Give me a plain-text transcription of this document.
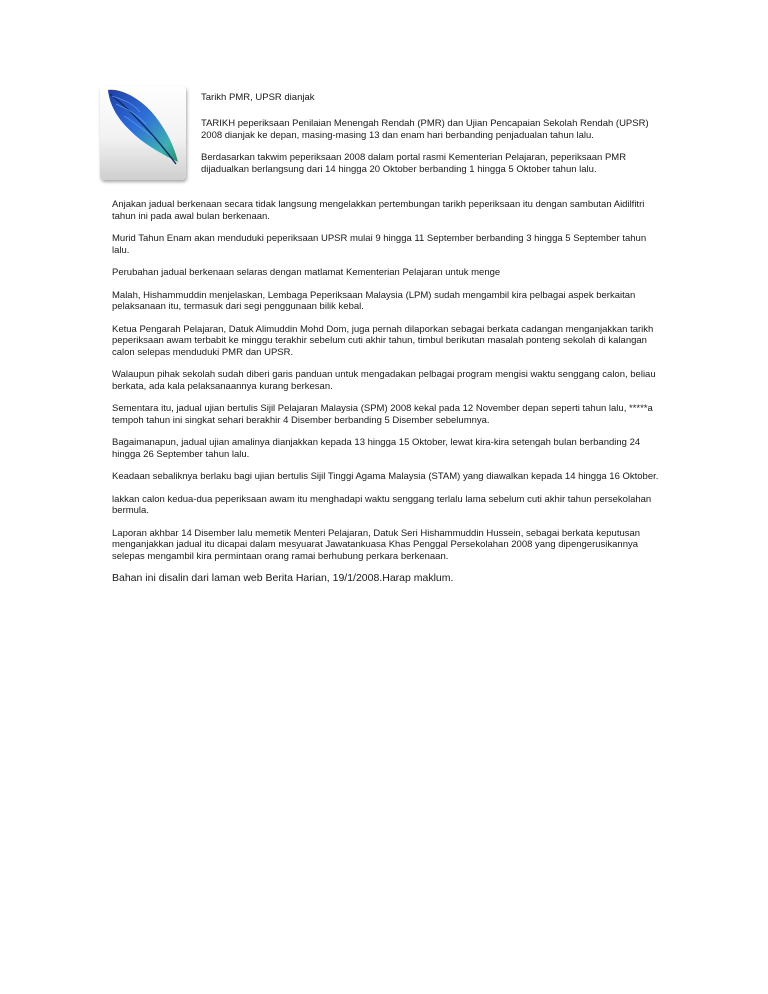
Tarikh PMR, UPSR dianjak

TARIKH peperiksaan Penilaian Menengah Rendah (PMR) dan Ujian Pencapaian Sekolah Rendah (UPSR) 2008 dianjak ke depan, masing-masing 13 dan enam hari berbanding penjadualan tahun lalu.

Berdasarkan takwim peperiksaan 2008 dalam portal rasmi Kementerian Pelajaran, peperiksaan PMR dijadualkan berlangsung dari 14 hingga 20 Oktober berbanding 1 hingga 5 Oktober tahun lalu.

Anjakan jadual berkenaan secara tidak langsung mengelakkan pertembungan tarikh peperiksaan itu dengan sambutan Aidilfitri tahun ini pada awal bulan berkenaan.

Murid Tahun Enam akan menduduki peperiksaan UPSR mulai 9 hingga 11 September berbanding 3 hingga 5 September tahun lalu.

Perubahan jadual berkenaan selaras dengan matlamat Kementerian Pelajaran untuk menge

Malah, Hishammuddin menjelaskan, Lembaga Peperiksaan Malaysia (LPM) sudah mengambil kira pelbagai aspek berkaitan pelaksanaan itu, termasuk dari segi penggunaan bilik kebal.

Ketua Pengarah Pelajaran, Datuk Alimuddin Mohd Dom, juga pernah dilaporkan sebagai berkata cadangan menganjakkan tarikh peperiksaan awam terbabit ke minggu terakhir sebelum cuti akhir tahun, timbul berikutan masalah ponteng sekolah di kalangan calon selepas menduduki PMR dan UPSR.

Walaupun pihak sekolah sudah diberi garis panduan untuk mengadakan pelbagai program mengisi waktu senggang calon, beliau berkata, ada kala pelaksanaannya kurang berkesan.

Sementara itu, jadual ujian bertulis Sijil Pelajaran Malaysia (SPM) 2008 kekal pada 12 November depan seperti tahun lalu, *****a tempoh tahun ini singkat sehari berakhir 4 Disember berbanding 5 Disember sebelumnya.

Bagaimanapun, jadual ujian amalinya dianjakkan kepada 13 hingga 15 Oktober, lewat kira-kira setengah bulan berbanding 24 hingga 26 September tahun lalu.

Keadaan sebaliknya berlaku bagi ujian bertulis Sijil Tinggi Agama Malaysia (STAM) yang diawalkan kepada 14 hingga 16 Oktober.

lakkan calon kedua-dua peperiksaan awam itu menghadapi waktu senggang terlalu lama sebelum cuti akhir tahun persekolahan bermula.

Laporan akhbar 14 Disember lalu memetik Menteri Pelajaran, Datuk Seri Hishammuddin Hussein, sebagai berkata keputusan menganjakkan jadual itu dicapai dalam mesyuarat Jawatankuasa Khas Penggal Persekolahan 2008 yang dipengerusikannya selepas mengambil kira permintaan orang ramai berhubung perkara berkenaan.

Bahan ini disalin dari laman web Berita Harian, 19/1/2008.Harap maklum.
